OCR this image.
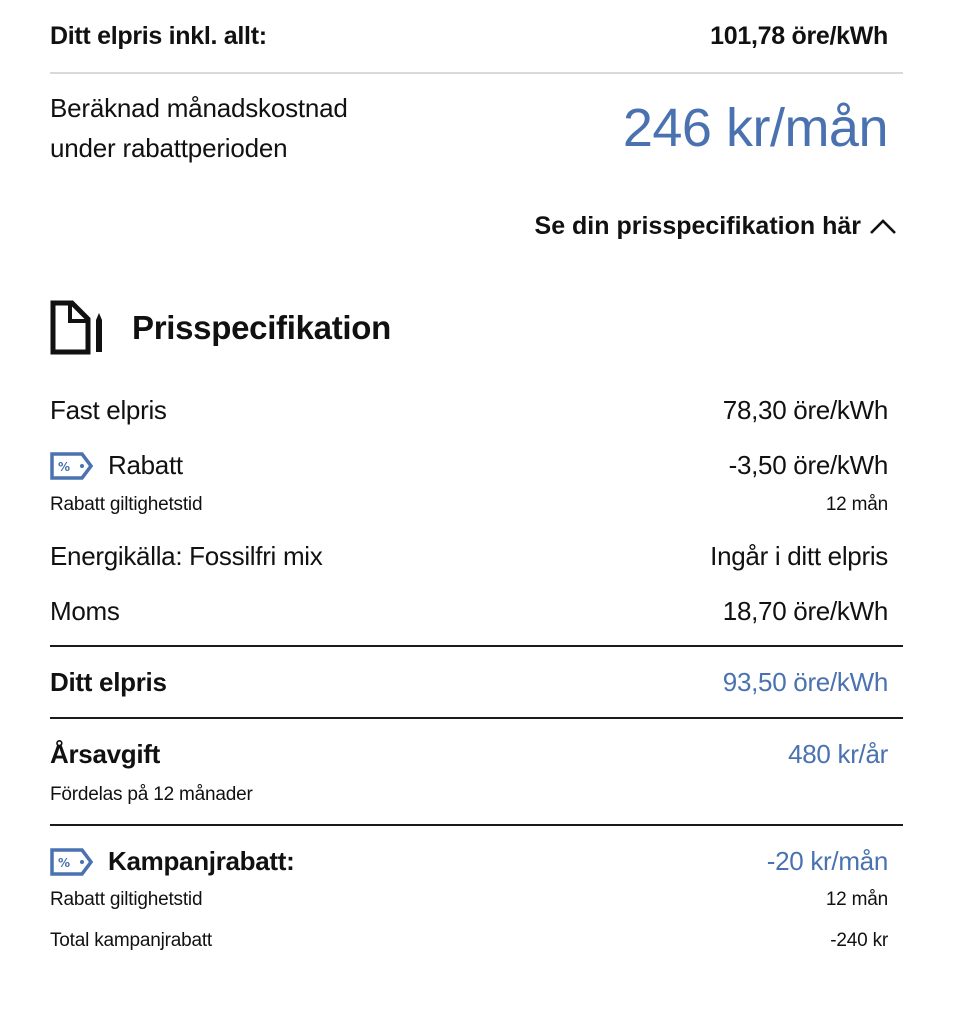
Ditt elpris inkl. allt:	101,78 öre/kWh
Beräknad månadskostnad
under rabattperioden	246 kr/mån
Se din prisspecifikation här
Prisspecifikation
Fast elpris	78,30 öre/kWh
% Rabatt	-3,50 öre/kWh
Rabatt giltighetstid	12 mån
Energikälla: Fossilfri mix	Ingår i ditt elpris
Moms	18,70 öre/kWh
Ditt elpris	93,50 öre/kWh
Årsavgift	480 kr/år
Fördelas på 12 månader
% Kampanjrabatt:	-20 kr/mån
Rabatt giltighetstid	12 mån
Total kampanjrabatt	-240 kr
